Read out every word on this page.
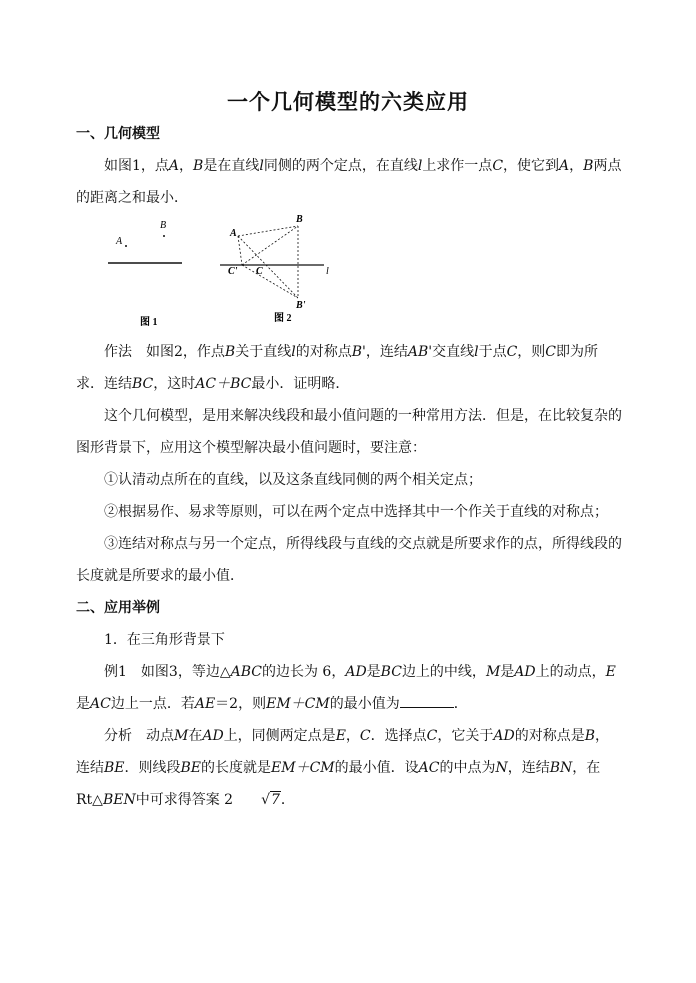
一个几何模型的六类应用

一、几何模型

如图1，点A，B是在直线l同侧的两个定点，在直线l上求作一点C，使它到A，B两点的距离之和最小．

A
B
图 1
A
B
C' C
B'
l
图 2

作法　如图2，作点B关于直线l的对称点B'，连结AB'交直线l于点C，则C即为所求．连结BC，这时AC＋BC最小．证明略．

这个几何模型，是用来解决线段和最小值问题的一种常用方法．但是，在比较复杂的图形背景下，应用这个模型解决最小值问题时，要注意：

①认清动点所在的直线，以及这条直线同侧的两个相关定点；

②根据易作、易求等原则，可以在两个定点中选择其中一个作关于直线的对称点；

③连结对称点与另一个定点，所得线段与直线的交点就是所要求作的点，所得线段的长度就是所要求的最小值．

二、应用举例

1．在三角形背景下

例1　如图3，等边△ABC的边长为 6，AD是BC边上的中线，M是AD上的动点，E是AC边上一点．若AE＝2，则EM＋CM的最小值为	．

分析　动点M在AD上，同侧两定点是E，C．选择点C，它关于AD的对称点是B，连结BE．则线段BE的长度就是EM＋CM的最小值．设AC的中点为N，连结BN，在 Rt△BEN中可求得答案 2 √7．
